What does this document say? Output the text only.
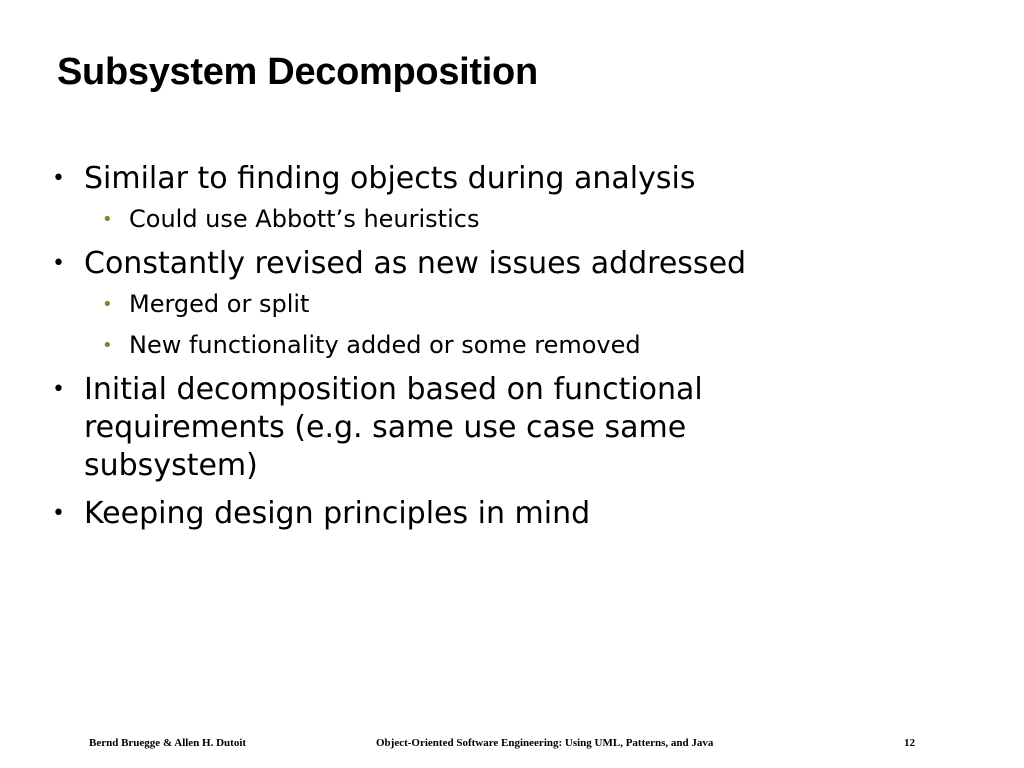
Subsystem Decomposition
• Similar to finding objects during analysis
• Could use Abbott’s heuristics
• Constantly revised as new issues addressed
• Merged or split
• New functionality added or some removed
• Initial decomposition based on functional requirements (e.g. same use case same subsystem)
• Keeping design principles in mind
Bernd Bruegge & Allen H. Dutoit	Object-Oriented Software Engineering: Using UML, Patterns, and Java	12
